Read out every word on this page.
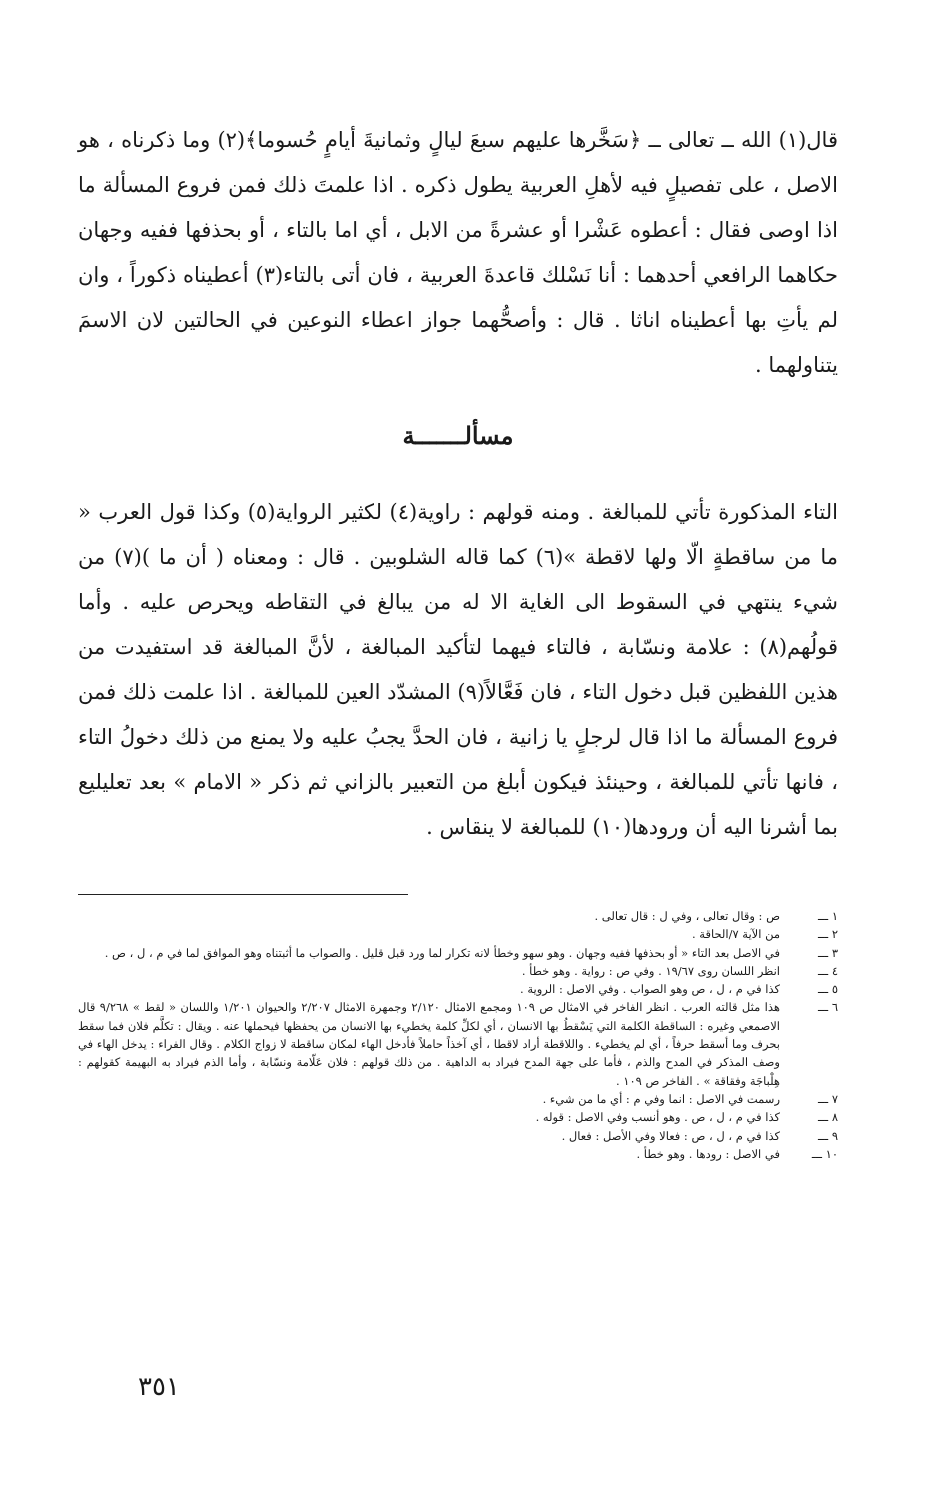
قال(١) الله ــ تعالى ــ ﴿سَخَّرها عليهم سبعَ ليالٍ وثمانيةَ أيامٍ حُسوما﴾(٢) وما ذكرناه ، هو الاصل ، على تفصيلٍ فيه لأهلِ العربية يطول ذكره . اذا علمتَ ذلك فمن فروع المسألة ما اذا اوصى فقال : أعطوه عَشْرا أو عشرةً من الابل ، أي اما بالتاء ، أو بحذفها ففيه وجهان حكاهما الرافعي أحدهما : أنا نَسْلك قاعدةَ العربية ، فان أتى بالتاء(٣) أعطيناه ذكوراً ، وان لم يأتِ بها أعطيناه اناثا . قال : وأصحُّهما جواز اعطاء النوعين في الحالتين لان الاسمَ يتناولهما .

مسألـــــــة

التاء المذكورة تأتي للمبالغة . ومنه قولهم : راوية(٤) لكثير الرواية(٥) وكذا قول العرب « ما من ساقطةٍ الّا ولها لاقطة »(٦) كما قاله الشلوبين . قال : ومعناه ( أن ما )(٧) من شيء ينتهي في السقوط الى الغاية الا له من يبالغ في التقاطه ويحرص عليه . وأما قولُهم(٨) : علامة ونسّابة ، فالتاء فيهما لتأكيد المبالغة ، لأنَّ المبالغة قد استفيدت من هذين اللفظين قبل دخول التاء ، فان فَعَّالاً(٩) المشدّد العين للمبالغة . اذا علمت ذلك فمن فروع المسألة ما اذا قال لرجلٍ يا زانية ، فان الحدَّ يجبُ عليه ولا يمنع من ذلك دخولُ التاء ، فانها تأتي للمبالغة ، وحينئذ فيكون أبلغ من التعبير بالزاني ثم ذكر « الامام » بعد تعليليع بما أشرنا اليه أن ورودها(١٠) للمبالغة لا ينقاس .

١ ـــ
ص : وقال تعالى ، وفي ل : قال تعالى .
٢ ـــ
من الآية ٧/الحاقة .
٣ ـــ
في الاصل بعد التاء « أو بحذفها ففيه وجهان . وهو سهو وخطأ لانه تكرار لما ورد قبل قليل . والصواب ما أثبتناه وهو الموافق لما في م ، ل ، ص .
٤ ـــ
انظر اللسان روى ١٩/٦٧ . وفي ص : رواية . وهو خطأ .
٥ ـــ
كذا في م ، ل ، ص وهو الصواب . وفي الاصل : الروية .
٦ ـــ
هذا مثل قالته العرب . انظر الفاخر في الامثال ص ١٠٩ ومجمع الامثال ٢/١٢٠ وجمهرة الامثال ٢/٢٠٧ والحيوان ١/٢٠١ واللسان « لقط » ٩/٢٦٨ قال الاصمعي وغيره : الساقطة الكلمة التي يَسْقطُ بها الانسان ، أي لكلِّ كلمة يخطيء بها الانسان من يحفظها فيحملها عنه . ويقال : تكلَّم فلان فما سقط بحرف وما أسقط حرفاً ، أي لم يخطيء . واللاقطة أراد لاقطا ، أي آخذاً حاملاً فأدخل الهاء لمكان ساقطة لا زواج الكلام . وقال الفراء : يدخل الهاء في وصف المذكر في المدح والذم ، فأما على جهة المدح فيراد به الداهية . من ذلك قولهم : فلان عَلّامة ونسّابة ، وأما الذم فيراد به البهيمة كقولهم : هِلْباجَة وفقاقة » . الفاخر ص ١٠٩ .
٧ ـــ
رسمت في الاصل : انما وفي م : أي ما من شيء .
٨ ـــ
كذا في م ، ل ، ص . وهو أنسب وفي الاصل : قوله .
٩ ـــ
كذا في م ، ل ، ص : فعالا وفي الأصل : فعال .
١٠ ـــ
في الاصل : رودها . وهو خطأ .
٣٥١
